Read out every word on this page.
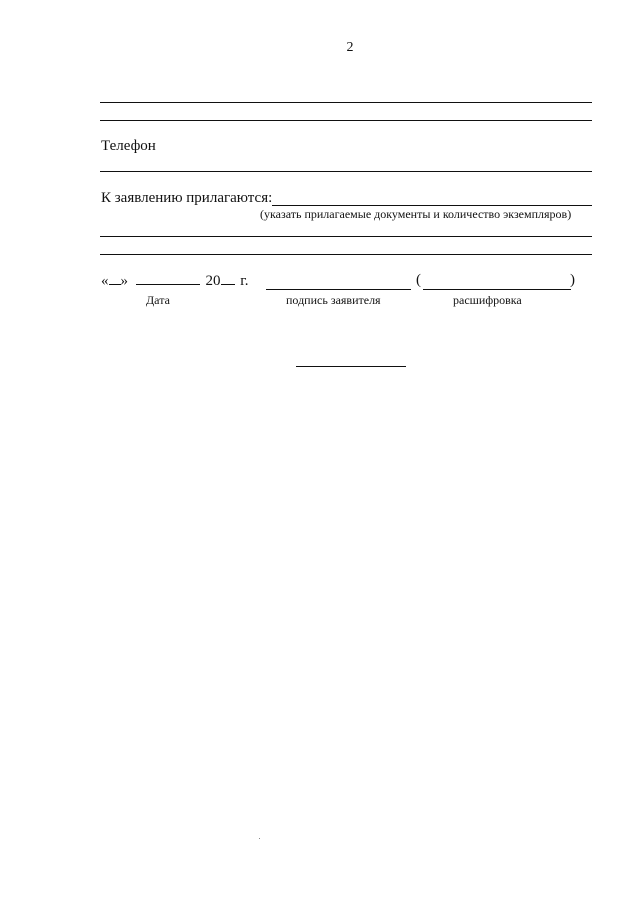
2
Телефон
К заявлению прилагаются:
(указать прилагаемые документы и количество экземпляров)
« »	20 г.	(	)
Дата	подпись заявителя	расшифровка
